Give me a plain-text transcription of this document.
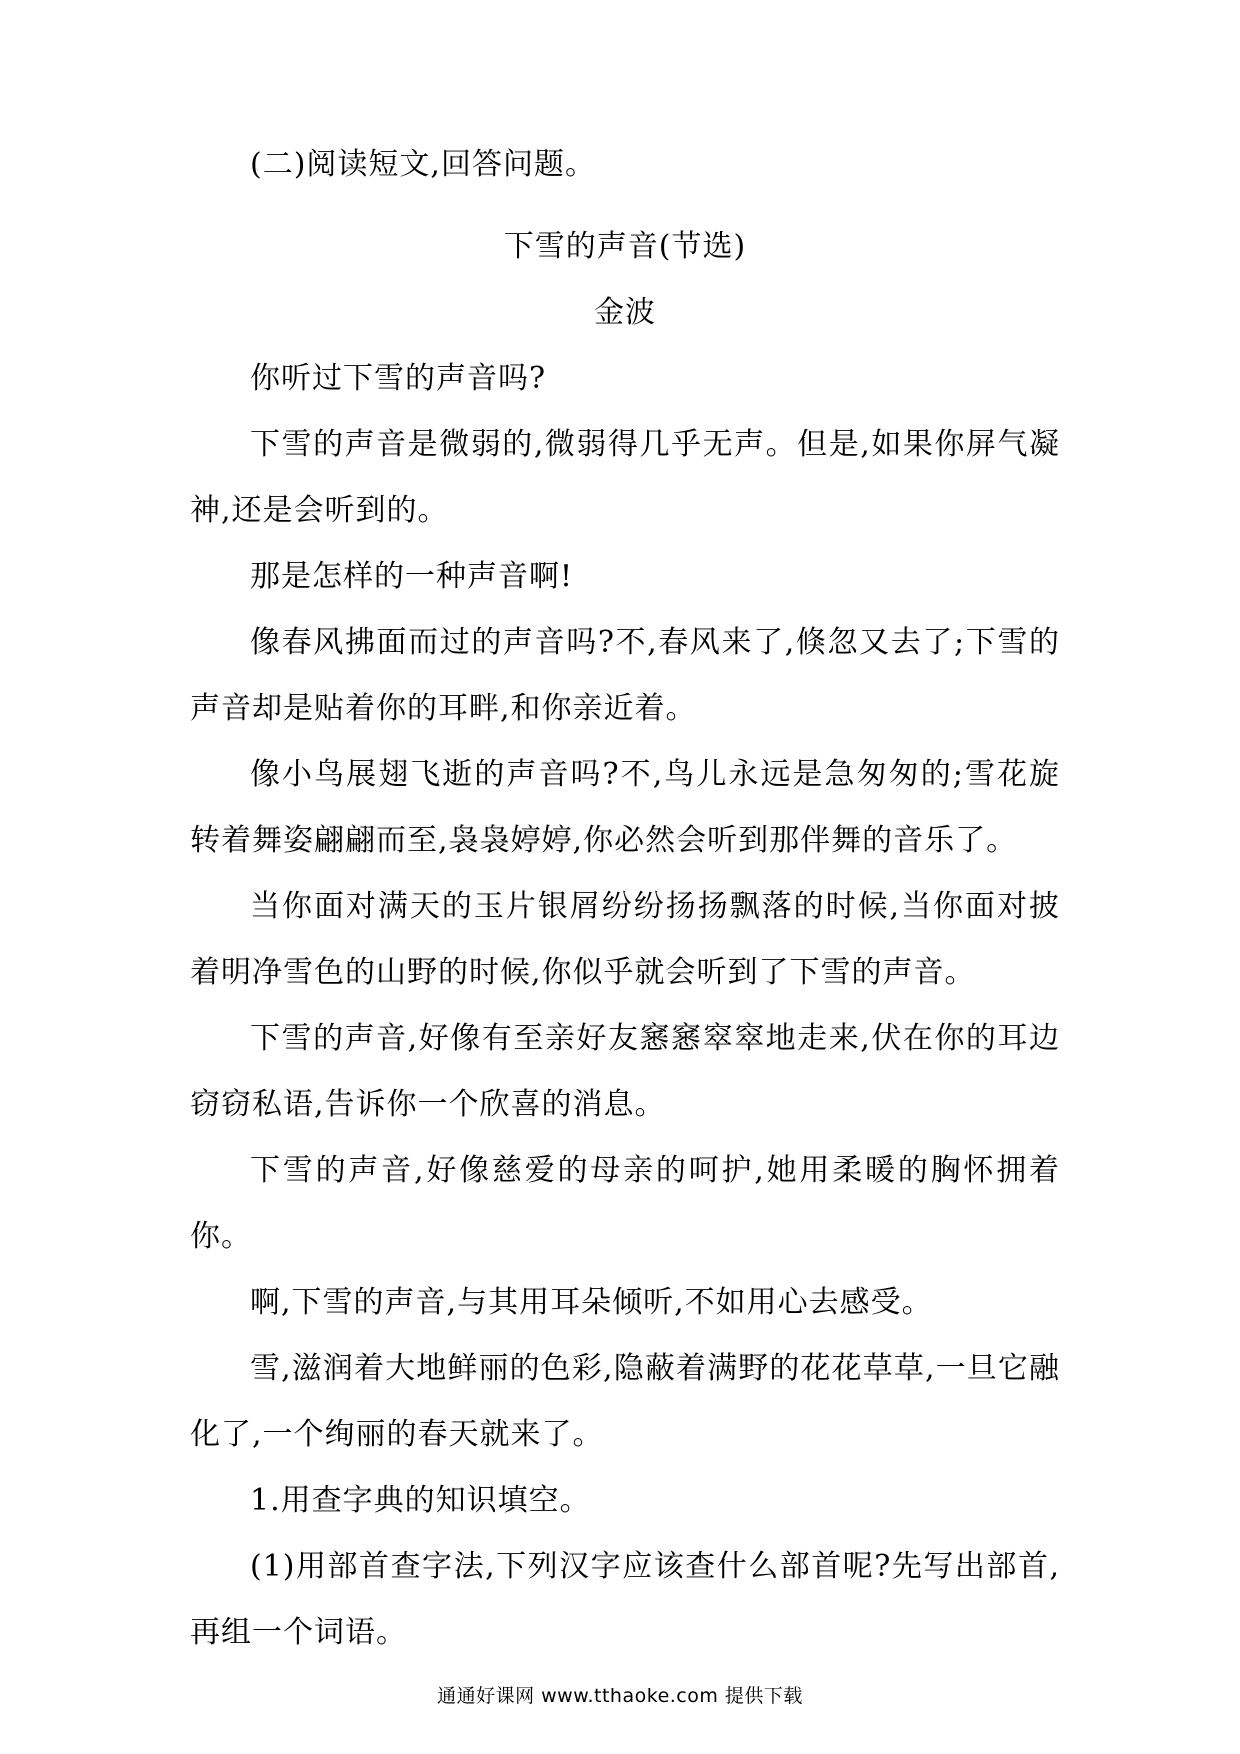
(二)阅读短文,回答问题。

下雪的声音(节选)

金波

你听过下雪的声音吗?

下雪的声音是微弱的,微弱得几乎无声。但是,如果你屏气凝神,还是会听到的。

那是怎样的一种声音啊!

像春风拂面而过的声音吗?不,春风来了,倏忽又去了;下雪的声音却是贴着你的耳畔,和你亲近着。

像小鸟展翅飞逝的声音吗?不,鸟儿永远是急匆匆的;雪花旋转着舞姿翩翩而至,袅袅婷婷,你必然会听到那伴舞的音乐了。

当你面对满天的玉片银屑纷纷扬扬飘落的时候,当你面对披着明净雪色的山野的时候,你似乎就会听到了下雪的声音。

下雪的声音,好像有至亲好友窸窸窣窣地走来,伏在你的耳边窃窃私语,告诉你一个欣喜的消息。

下雪的声音,好像慈爱的母亲的呵护,她用柔暖的胸怀拥着你。

啊,下雪的声音,与其用耳朵倾听,不如用心去感受。

雪,滋润着大地鲜丽的色彩,隐蔽着满野的花花草草,一旦它融化了,一个绚丽的春天就来了。

1.用查字典的知识填空。

(1)用部首查字法,下列汉字应该查什么部首呢?先写出部首,再组一个词语。

通通好课网 www.tthaoke.com 提供下载
